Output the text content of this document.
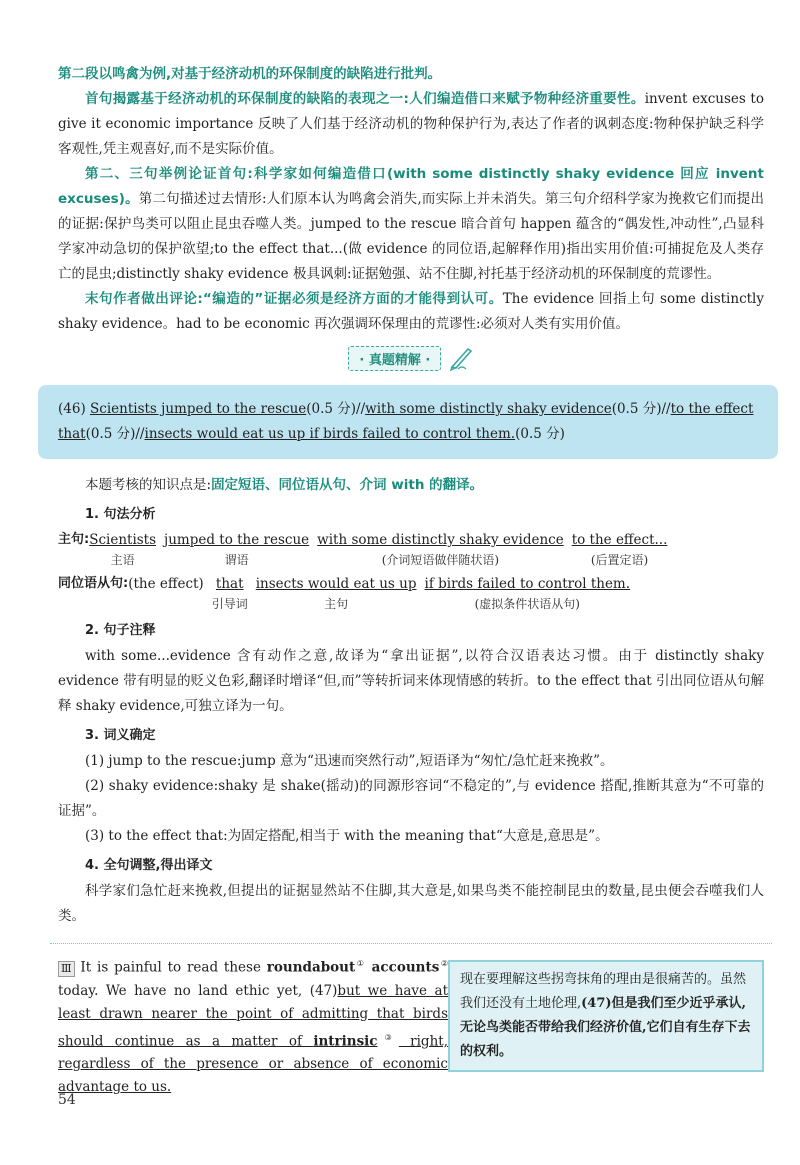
第二段以鸣禽为例,对基于经济动机的环保制度的缺陷进行批判。

首句揭露基于经济动机的环保制度的缺陷的表现之一:人们编造借口来赋予物种经济重要性。invent excuses to give it economic importance 反映了人们基于经济动机的物种保护行为,表达了作者的讽刺态度:物种保护缺乏科学客观性,凭主观喜好,而不是实际价值。

第二、三句举例论证首句:科学家如何编造借口(with some distinctly shaky evidence 回应 invent excuses)。第二句描述过去情形:人们原本认为鸣禽会消失,而实际上并未消失。第三句介绍科学家为挽救它们而提出的证据:保护鸟类可以阻止昆虫吞噬人类。jumped to the rescue 暗合首句 happen 蕴含的“偶发性,冲动性”,凸显科学家冲动急切的保护欲望;to the effect that...(做 evidence 的同位语,起解释作用)指出实用价值:可捕捉危及人类存亡的昆虫;distinctly shaky evidence 极具讽刺:证据勉强、站不住脚,衬托基于经济动机的环保制度的荒谬性。

末句作者做出评论:“编造的”证据必须是经济方面的才能得到认可。The evidence 回指上句 some distinctly shaky evidence。had to be economic 再次强调环保理由的荒谬性:必须对人类有实用价值。

· 真题精解 ·
(46) Scientists jumped to the rescue(0.5 分)//with some distinctly shaky evidence(0.5 分)//to the effect that(0.5 分)//insects would eat us up if birds failed to control them.(0.5 分)

本题考核的知识点是:固定短语、同位语从句、介词 with 的翻译。

1. 句法分析
主句: Scientists
主语
jumped to the rescue
谓语
with some distinctly shaky evidence
(介词短语做伴随状语)
to the effect...
(后置定语)
同位语从句: (the effect) that
引导词
insects would eat us up
主句
if birds failed to control them.
(虚拟条件状语从句)
2. 句子注释

with some...evidence 含有动作之意,故译为“拿出证据”,以符合汉语表达习惯。由于 distinctly shaky evidence 带有明显的贬义色彩,翻译时增译“但,而”等转折词来体现情感的转折。to the effect that 引出同位语从句解释 shaky evidence,可独立译为一句。

3. 词义确定

(1) jump to the rescue:jump 意为“迅速而突然行动”,短语译为“匆忙/急忙赶来挽救”。

(2) shaky evidence:shaky 是 shake(摇动)的同源形容词“不稳定的”,与 evidence 搭配,推断其意为“不可靠的证据”。

(3) to the effect that:为固定搭配,相当于 with the meaning that“大意是,意思是”。

4. 全句调整,得出译文

科学家们急忙赶来挽救,但提出的证据显然站不住脚,其大意是,如果鸟类不能控制昆虫的数量,昆虫便会吞噬我们人类。

Ⅲ It is painful to read these roundabout① accounts② today. We have no land ethic yet, (47)but we have at least drawn nearer the point of admitting that birds should continue as a matter of intrinsic③ right, regardless of the presence or absence of economic advantage to us.
现在要理解这些拐弯抹角的理由是很痛苦的。虽然我们还没有土地伦理,(47)但是我们至少近乎承认,无论鸟类能否带给我们经济价值,它们自有生存下去的权利。
54
